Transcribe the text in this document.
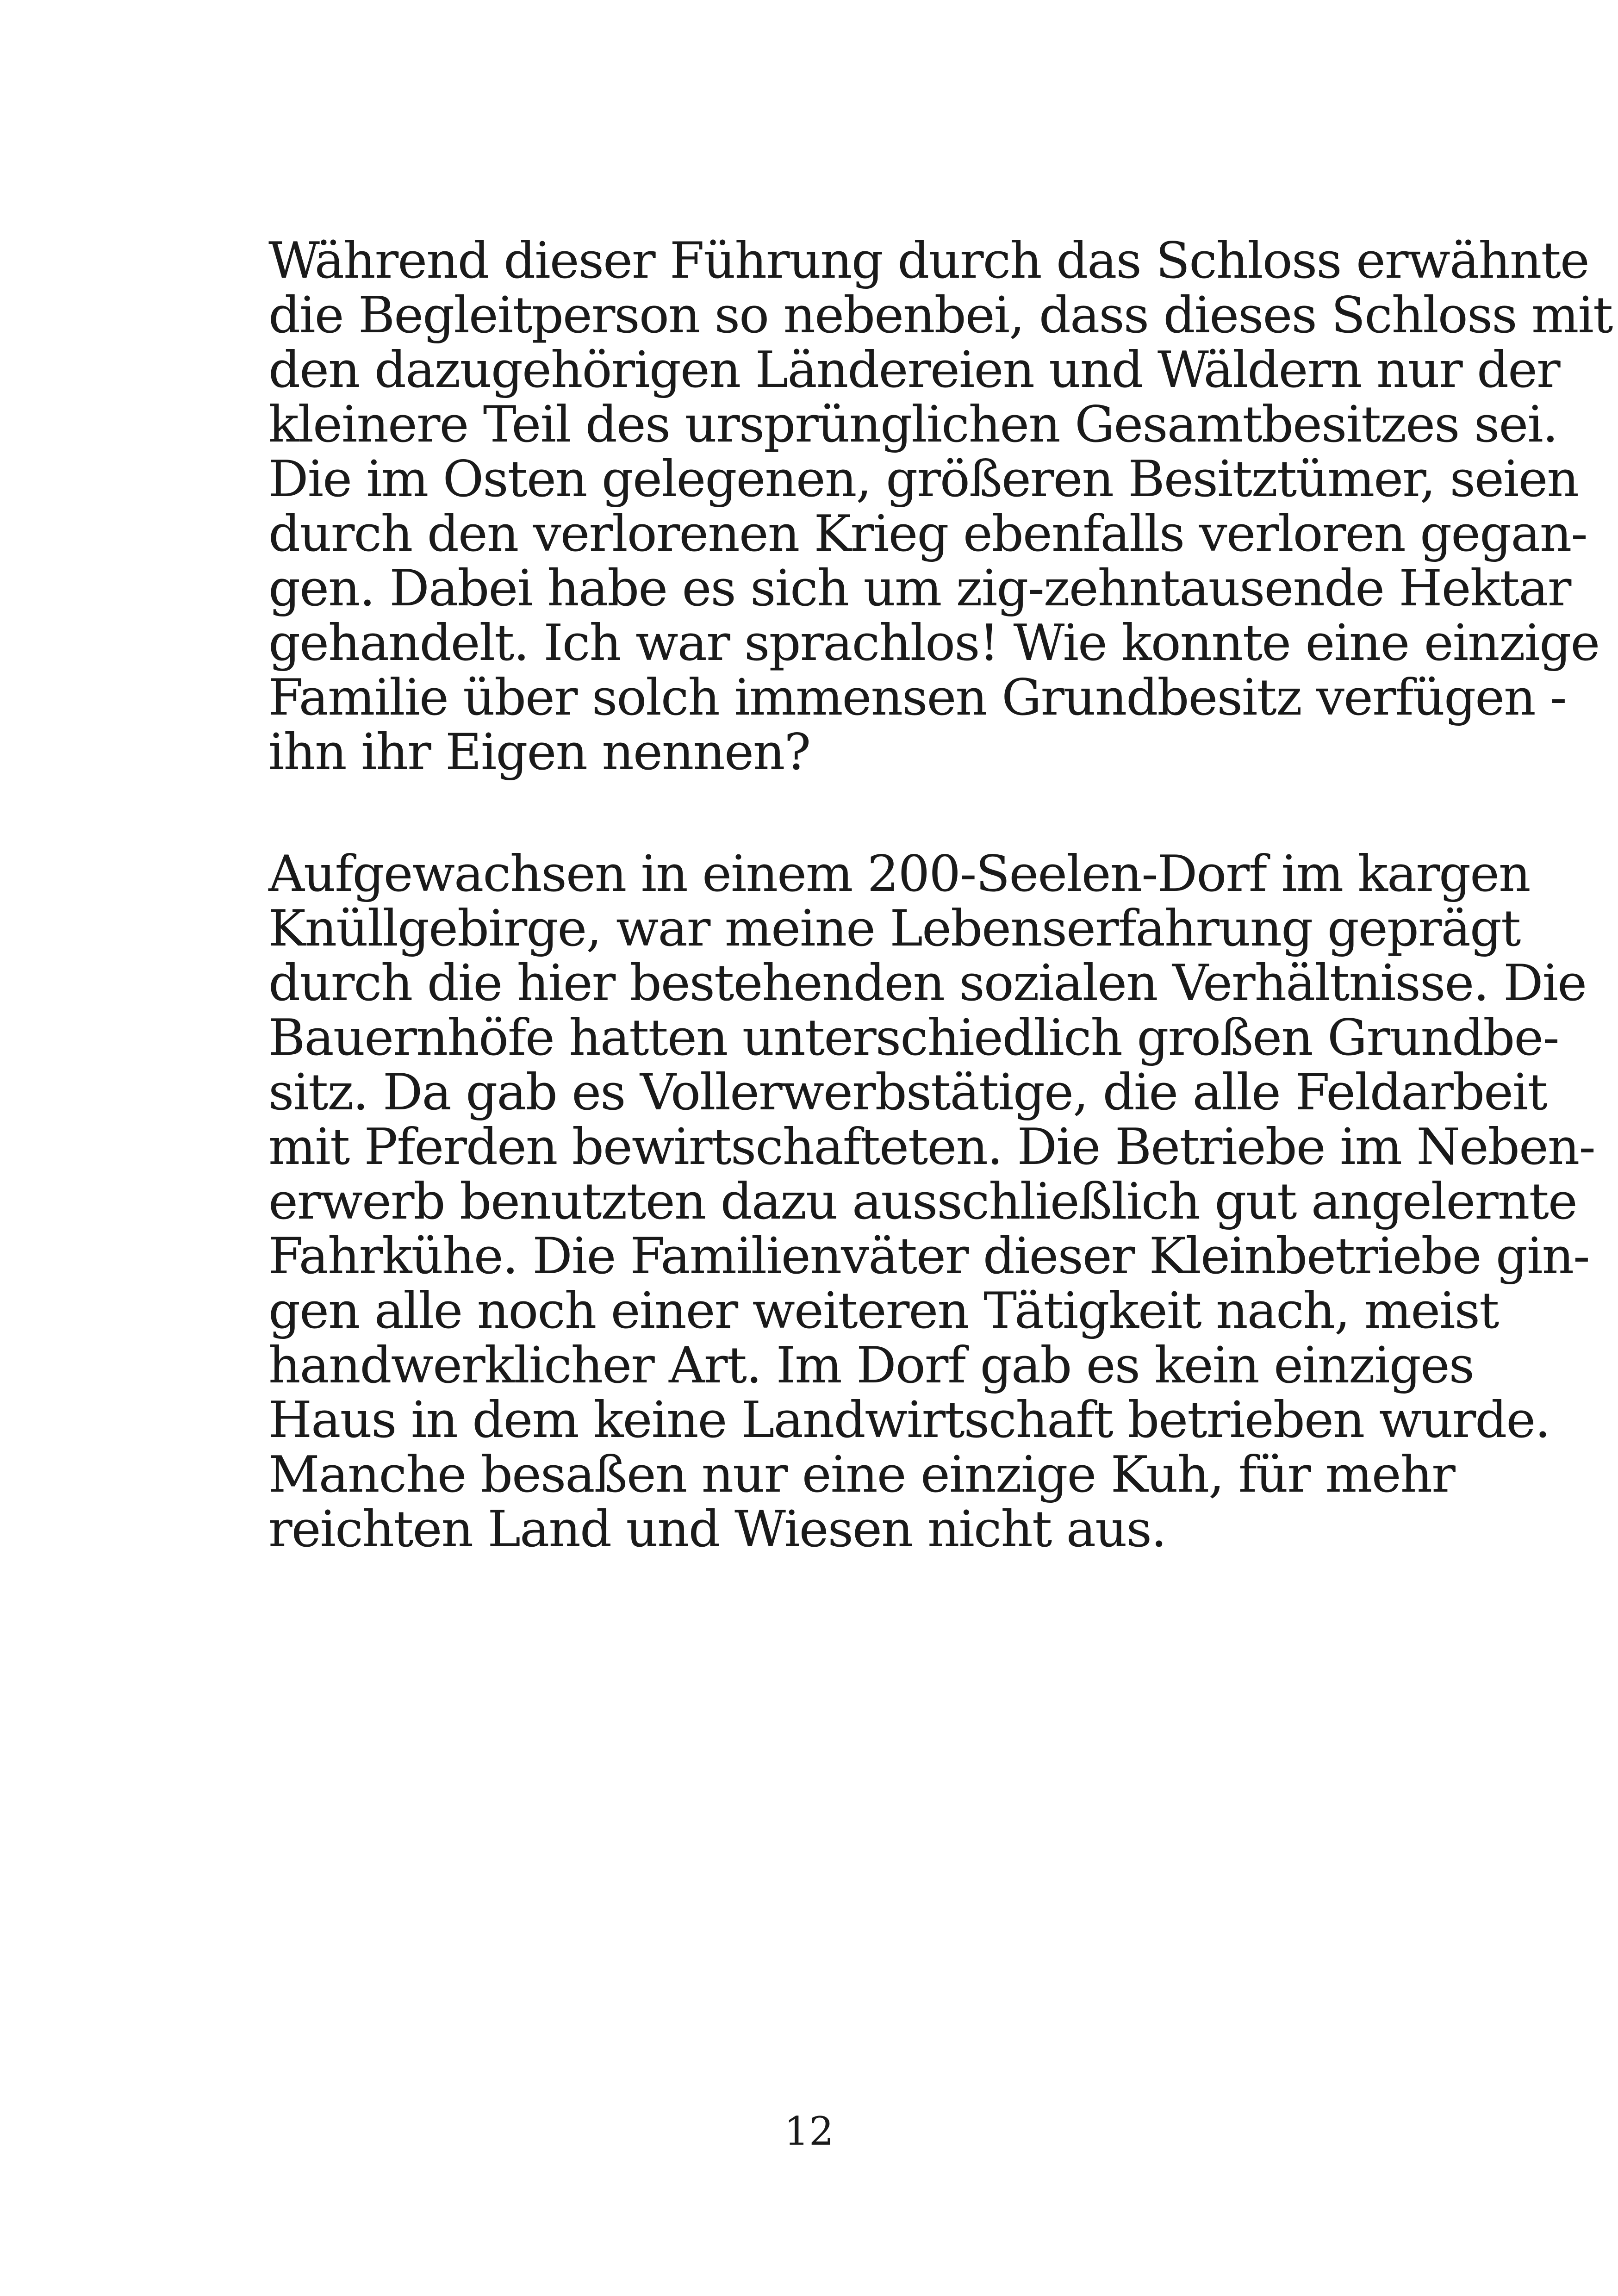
Während dieser Führung durch das Schloss erwähnte
die Begleitperson so nebenbei, dass dieses Schloss mit
den dazugehörigen Ländereien und Wäldern nur der
kleinere Teil des ursprünglichen Gesamtbesitzes sei.
Die im Osten gelegenen, größeren Besitztümer, seien
durch den verlorenen Krieg ebenfalls verloren gegan-
gen. Dabei habe es sich um zig-zehntausende Hektar
gehandelt. Ich war sprachlos! Wie konnte eine einzige
Familie über solch immensen Grundbesitz verfügen -
ihn ihr Eigen nennen?
Aufgewachsen in einem 200-Seelen-Dorf im kargen
Knüllgebirge, war meine Lebenserfahrung geprägt
durch die hier bestehenden sozialen Verhältnisse. Die
Bauernhöfe hatten unterschiedlich großen Grundbe-
sitz. Da gab es Vollerwerbstätige, die alle Feldarbeit
mit Pferden bewirtschafteten. Die Betriebe im Neben-
erwerb benutzten dazu ausschließlich gut angelernte
Fahrkühe. Die Familienväter dieser Kleinbetriebe gin-
gen alle noch einer weiteren Tätigkeit nach, meist
handwerklicher Art. Im Dorf gab es kein einziges
Haus in dem keine Landwirtschaft betrieben wurde.
Manche besaßen nur eine einzige Kuh, für mehr
reichten Land und Wiesen nicht aus.
12
